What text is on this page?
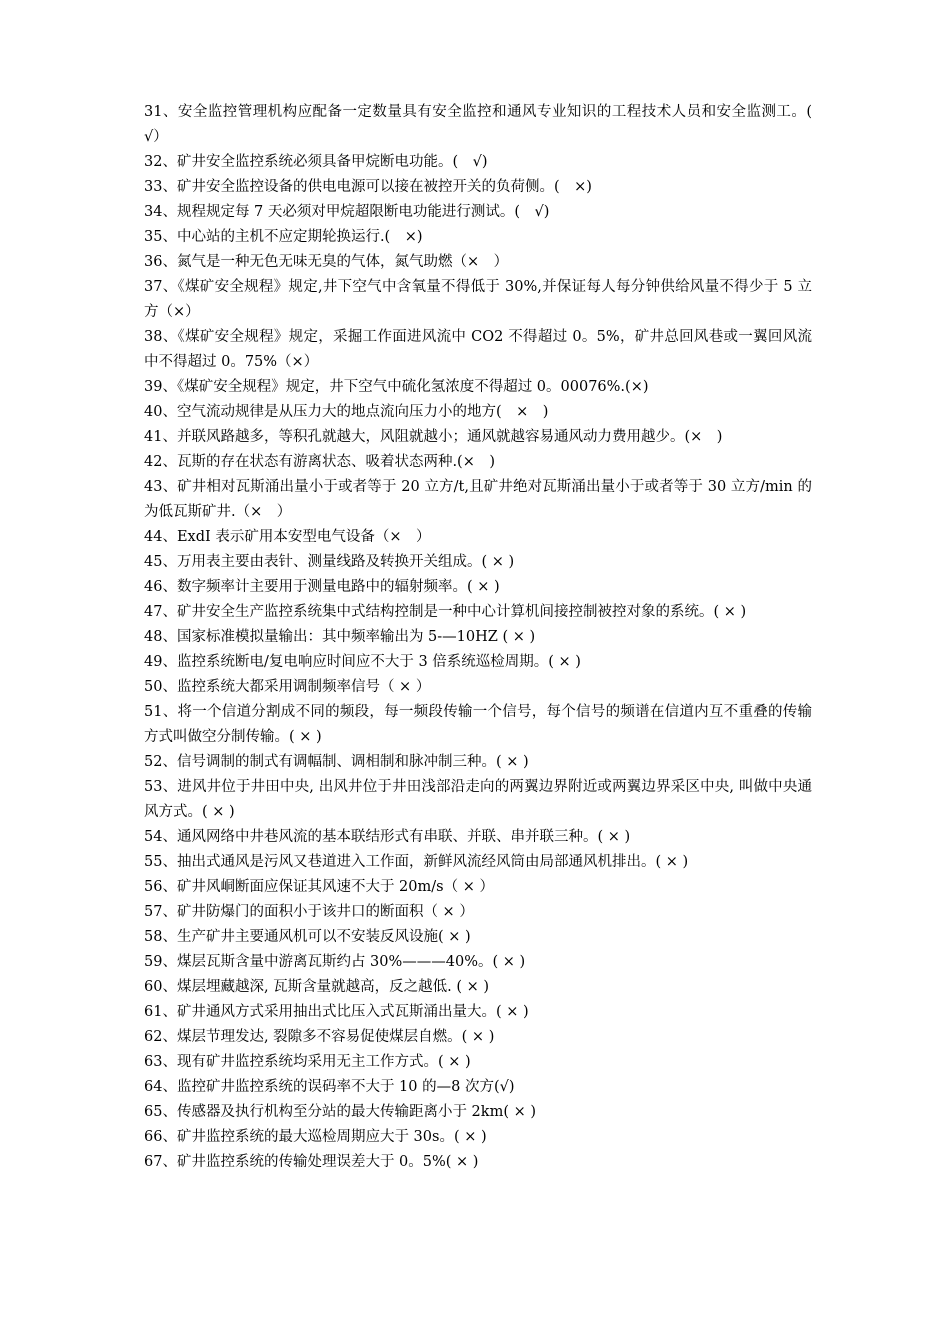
31、安全监控管理机构应配备一定数量具有安全监控和通风专业知识的工程技术人员和安全监测工。(　√）

32、矿井安全监控系统必须具备甲烷断电功能。(　√)

33、矿井安全监控设备的供电电源可以接在被控开关的负荷侧。(　×)

34、规程规定每 7 天必须对甲烷超限断电功能进行测试。(　√)

35、中心站的主机不应定期轮换运行.(　×)

36、氮气是一种无色无味无臭的气体，氮气助燃（×　）

37、《煤矿安全规程》规定,井下空气中含氧量不得低于 30%,并保证每人每分钟供给风量不得少于 5 立方（×）

38、《煤矿安全规程》规定，采掘工作面进风流中 CO2 不得超过 0。5%，矿井总回风巷或一翼回风流中不得超过 0。75%（×）

39、《煤矿安全规程》规定，井下空气中硫化氢浓度不得超过 0。00076%.(×)

40、空气流动规律是从压力大的地点流向压力小的地方(　×　)

41、并联风路越多，等积孔就越大，风阻就越小；通风就越容易通风动力费用越少。(×　)

42、瓦斯的存在状态有游离状态、吸着状态两种.(×　)

43、矿井相对瓦斯涌出量小于或者等于 20 立方/t,且矿井绝对瓦斯涌出量小于或者等于 30 立方/min 的为低瓦斯矿井.（×　）

44、ExdI 表示矿用本安型电气设备（×　）

45、万用表主要由表针、测量线路及转换开关组成。( × )

46、数字频率计主要用于测量电路中的辐射频率。( × )

47、矿井安全生产监控系统集中式结构控制是一种中心计算机间接控制被控对象的系统。( × )

48、国家标准模拟量输出：其中频率输出为 5-—10HZ ( × )

49、监控系统断电/复电响应时间应不大于 3 倍系统巡检周期。( × )

50、监控系统大都采用调制频率信号（ × ）

51、将一个信道分割成不同的频段，每一频段传输一个信号，每个信号的频谱在信道内互不重叠的传输方式叫做空分制传输。( × )

52、信号调制的制式有调幅制、调相制和脉冲制三种。( × )

53、进风井位于井田中央, 出风井位于井田浅部沿走向的两翼边界附近或两翼边界采区中央, 叫做中央通风方式。( × )

54、通风网络中井巷风流的基本联结形式有串联、并联、串并联三种。( × )

55、抽出式通风是污风又巷道进入工作面，新鲜风流经风筒由局部通风机排出。( × )

56、矿井风峒断面应保证其风速不大于 20m/s（ × ）

57、矿井防爆门的面积小于该井口的断面积（ × ）

58、生产矿井主要通风机可以不安装反风设施( × )

59、煤层瓦斯含量中游离瓦斯约占 30%———40%。( × )

60、煤层埋藏越深, 瓦斯含量就越高，反之越低. ( × )

61、矿井通风方式采用抽出式比压入式瓦斯涌出量大。( × )

62、煤层节理发达, 裂隙多不容易促使煤层自燃。( × )

63、现有矿井监控系统均采用无主工作方式。( × )

64、监控矿井监控系统的误码率不大于 10 的—8 次方(√)

65、传感器及执行机构至分站的最大传输距离小于 2km( × )

66、矿井监控系统的最大巡检周期应大于 30s。( × )

67、矿井监控系统的传输处理误差大于 0。5%( × )
